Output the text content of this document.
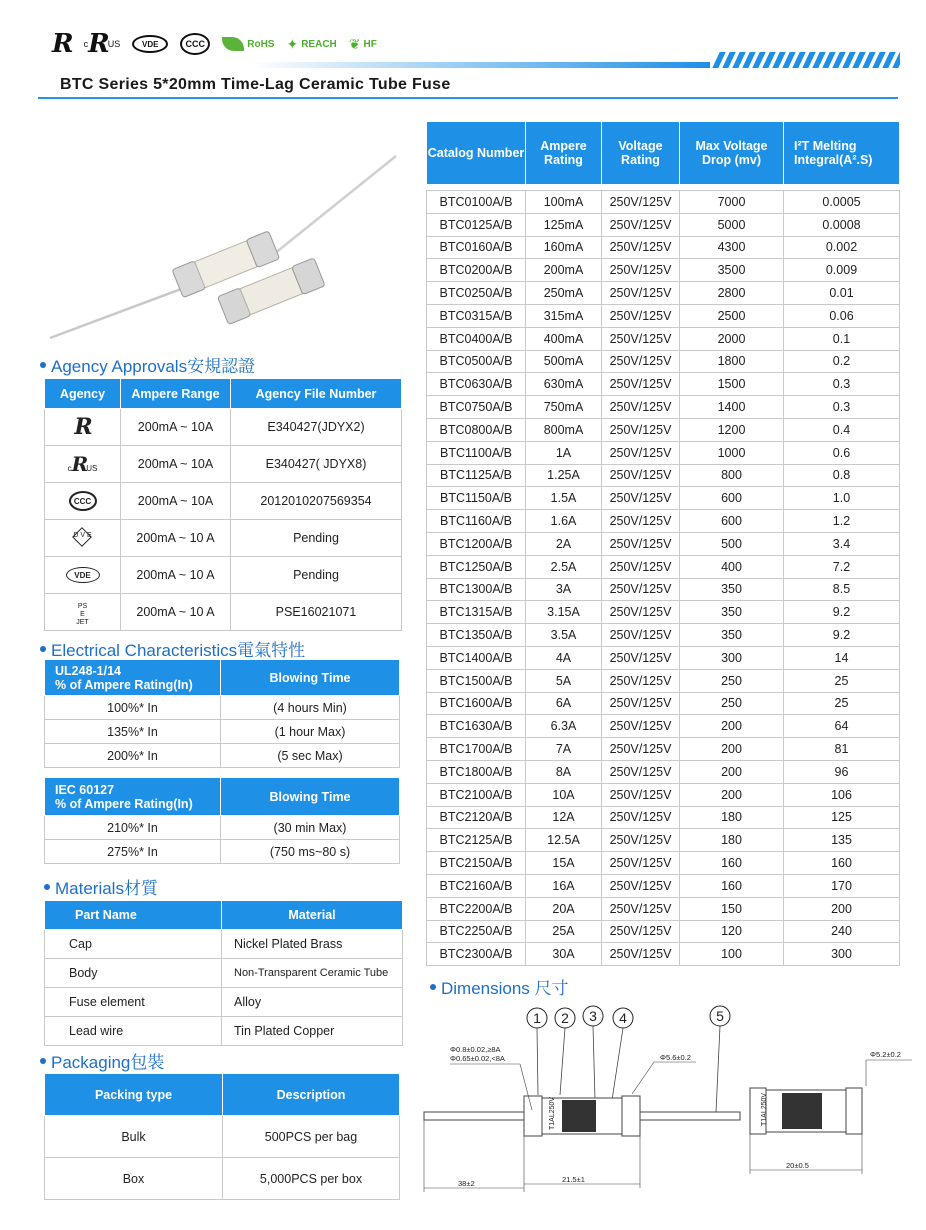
R c R US	VDE	CCC	RoHS ✦ REACH ❦ HF
BTC Series 5*20mm Time-Lag Ceramic Tube Fuse
Agency Approvals安規認證
Agency	Ampere Range	Agency File Number
R	200mA ~ 10A	E340427(JDYX2)
cRUS	200mA ~ 10A	E340427( JDYX8)
CCC	200mA ~ 10A	2012010207569354

D V E	200mA ~ 10 A	Pending
VDE	200mA ~ 10 A	Pending

PS
E
JET	200mA ~ 10 A	PSE16021071
Electrical Characteristics電氣特性
UL248-1/14
% of Ampere Rating(In)	Blowing Time
100%* In	(4 hours Min)
135%* In	(1 hour Max)
200%* In	(5 sec Max)
IEC 60127
% of Ampere Rating(In)	Blowing Time
210%* In	(30 min Max)
275%* In	(750 ms~80 s)
Materials材質
Part Name	Material
Cap	Nickel Plated Brass
Body	Non-Transparent Ceramic Tube
Fuse element	Alloy
Lead wire	Tin Plated Copper
Packaging包裝
Packing type	Description
Bulk	500PCS per bag
Box	5,000PCS per box
Catalog Number	Ampere Rating	Voltage Rating	Max Voltage Drop (mv)	I²T Melting Integral(A².S)

BTC0100A/B	100mA	250V/125V	7000	0.0005
BTC0125A/B	125mA	250V/125V	5000	0.0008
BTC0160A/B	160mA	250V/125V	4300	0.002
BTC0200A/B	200mA	250V/125V	3500	0.009
BTC0250A/B	250mA	250V/125V	2800	0.01
BTC0315A/B	315mA	250V/125V	2500	0.06
BTC0400A/B	400mA	250V/125V	2000	0.1
BTC0500A/B	500mA	250V/125V	1800	0.2
BTC0630A/B	630mA	250V/125V	1500	0.3
BTC0750A/B	750mA	250V/125V	1400	0.3
BTC0800A/B	800mA	250V/125V	1200	0.4
BTC1100A/B	1A	250V/125V	1000	0.6
BTC1125A/B	1.25A	250V/125V	800	0.8
BTC1150A/B	1.5A	250V/125V	600	1.0
BTC1160A/B	1.6A	250V/125V	600	1.2
BTC1200A/B	2A	250V/125V	500	3.4
BTC1250A/B	2.5A	250V/125V	400	7.2
BTC1300A/B	3A	250V/125V	350	8.5
BTC1315A/B	3.15A	250V/125V	350	9.2
BTC1350A/B	3.5A	250V/125V	350	9.2
BTC1400A/B	4A	250V/125V	300	14
BTC1500A/B	5A	250V/125V	250	25
BTC1600A/B	6A	250V/125V	250	25
BTC1630A/B	6.3A	250V/125V	200	64
BTC1700A/B	7A	250V/125V	200	81
BTC1800A/B	8A	250V/125V	200	96
BTC2100A/B	10A	250V/125V	200	106
BTC2120A/B	12A	250V/125V	180	125
BTC2125A/B	12.5A	250V/125V	180	135
BTC2150A/B	15A	250V/125V	160	160
BTC2160A/B	16A	250V/125V	160	170
BTC2200A/B	20A	250V/125V	150	200
BTC2250A/B	25A	250V/125V	120	240
BTC2300A/B	30A	250V/125V	100	300
Dimensions 尺寸
1 2 3 4	5
T1AL250V	T1AL250V
Φ0.8±0.02,≥8A
Φ0.65±0.02,<8A	Φ5.6±0.2	Φ5.2±0.2
38±2	21.5±1
20±0.5
